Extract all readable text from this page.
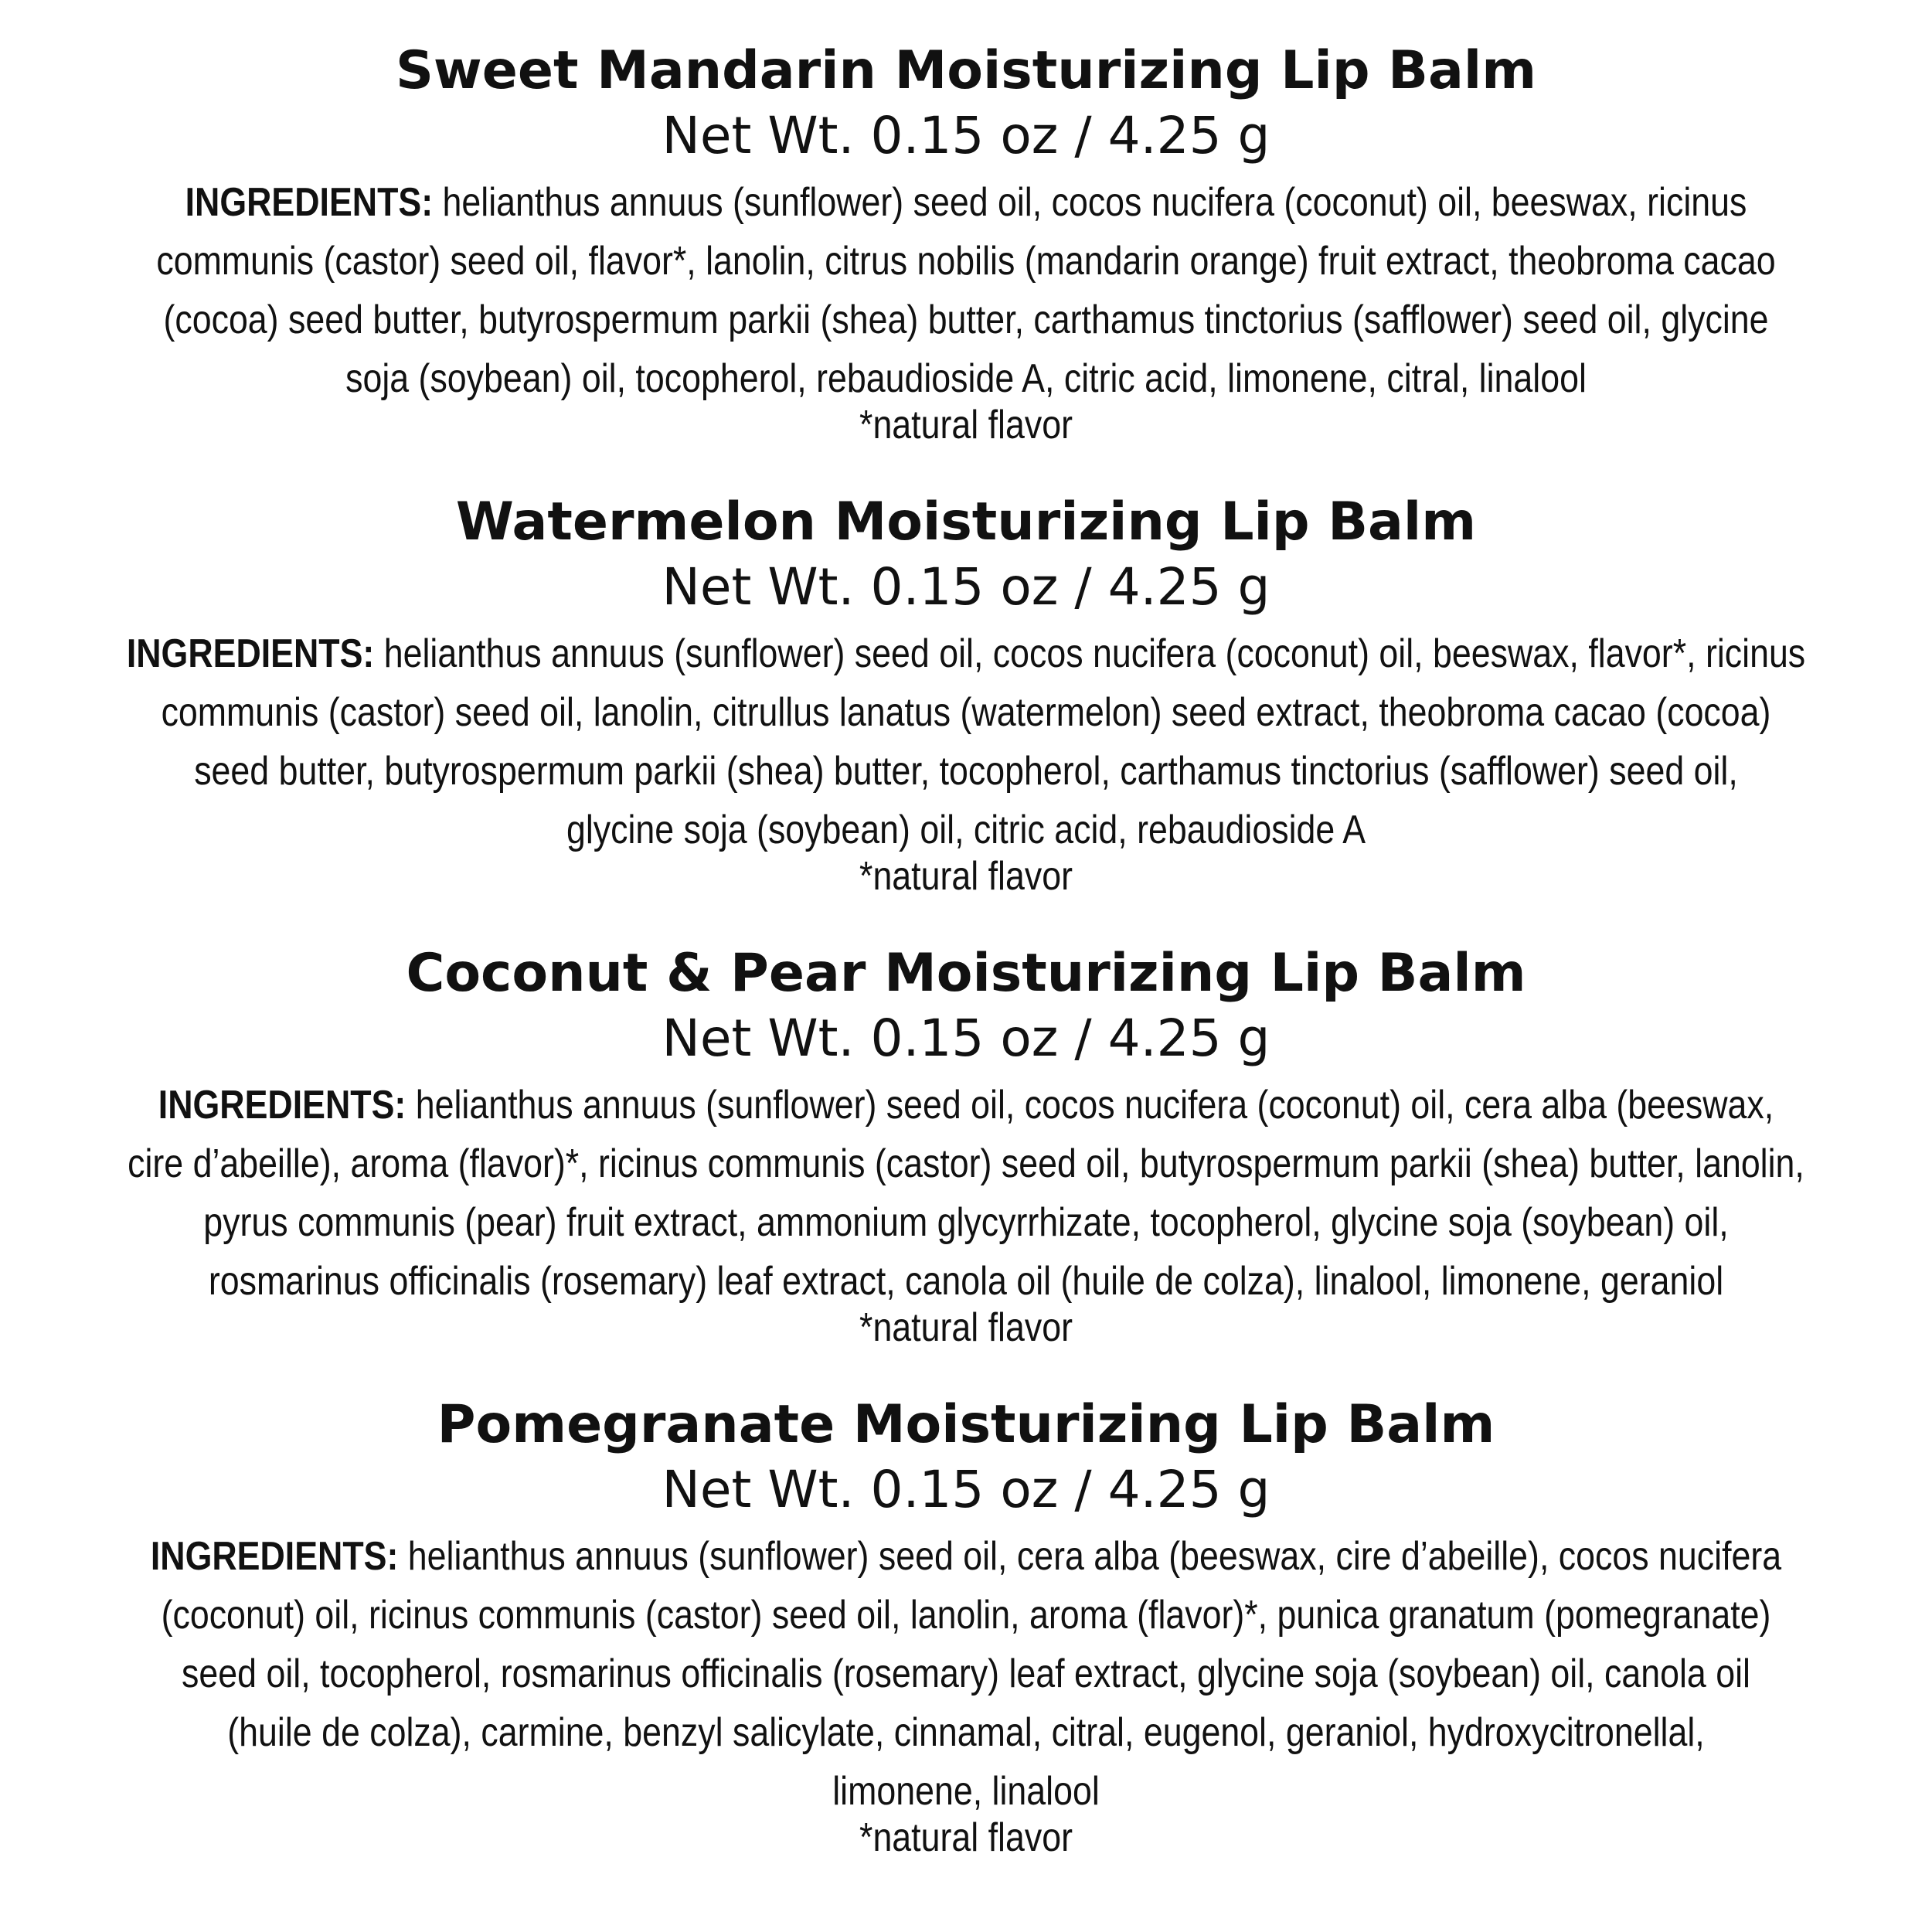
Sweet Mandarin Moisturizing Lip Balm
Net Wt. 0.15 oz / 4.25 g
INGREDIENTS: helianthus annuus (sunflower) seed oil, cocos nucifera (coconut) oil, beeswax, ricinus
communis (castor) seed oil, flavor*, lanolin, citrus nobilis (mandarin orange) fruit extract, theobroma cacao
(cocoa) seed butter, butyrospermum parkii (shea) butter, carthamus tinctorius (safflower) seed oil, glycine
soja (soybean) oil, tocopherol, rebaudioside A, citric acid, limonene, citral, linalool
*natural flavor
Watermelon Moisturizing Lip Balm
Net Wt. 0.15 oz / 4.25 g
INGREDIENTS: helianthus annuus (sunflower) seed oil, cocos nucifera (coconut) oil, beeswax, flavor*, ricinus
communis (castor) seed oil, lanolin, citrullus lanatus (watermelon) seed extract, theobroma cacao (cocoa)
seed butter, butyrospermum parkii (shea) butter, tocopherol, carthamus tinctorius (safflower) seed oil,
glycine soja (soybean) oil, citric acid, rebaudioside A
*natural flavor
Coconut & Pear Moisturizing Lip Balm
Net Wt. 0.15 oz / 4.25 g
INGREDIENTS: helianthus annuus (sunflower) seed oil, cocos nucifera (coconut) oil, cera alba (beeswax,
cire d’abeille), aroma (flavor)*, ricinus communis (castor) seed oil, butyrospermum parkii (shea) butter, lanolin,
pyrus communis (pear) fruit extract, ammonium glycyrrhizate, tocopherol, glycine soja (soybean) oil,
rosmarinus officinalis (rosemary) leaf extract, canola oil (huile de colza), linalool, limonene, geraniol
*natural flavor
Pomegranate Moisturizing Lip Balm
Net Wt. 0.15 oz / 4.25 g
INGREDIENTS: helianthus annuus (sunflower) seed oil, cera alba (beeswax, cire d’abeille), cocos nucifera
(coconut) oil, ricinus communis (castor) seed oil, lanolin, aroma (flavor)*, punica granatum (pomegranate)
seed oil, tocopherol, rosmarinus officinalis (rosemary) leaf extract, glycine soja (soybean) oil, canola oil
(huile de colza), carmine, benzyl salicylate, cinnamal, citral, eugenol, geraniol, hydroxycitronellal,
limonene, linalool
*natural flavor
